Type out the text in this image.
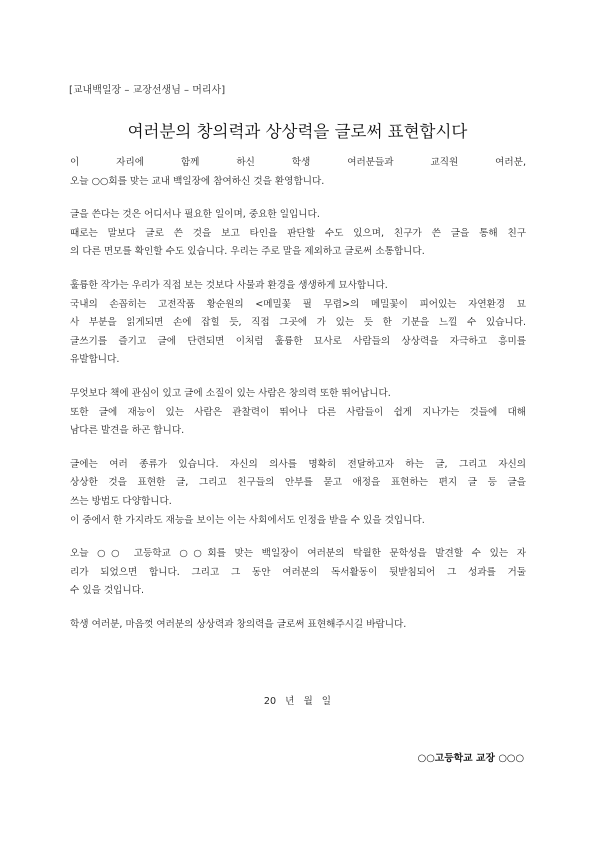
[교내백일장 – 교장선생님 – 머리사]
여러분의 창의력과 상상력을 글로써 표현합시다
이 자리에 함께 하신 학생 여러분들과 교직원 여러분,
오늘 ○○회를 맞는 교내 백일장에 참여하신 것을 환영합니다.
글을 쓴다는 것은 어디서나 필요한 일이며, 중요한 일입니다.
때로는 말보다 글로 쓴 것을 보고 타인을 판단할 수도 있으며, 친구가 쓴 글을 통해 친구
의 다른 면모를 확인할 수도 있습니다. 우리는 주로 말을 제외하고 글로써 소통합니다.
훌륭한 작가는 우리가 직접 보는 것보다 사물과 환경을 생생하게 묘사합니다.
국내의 손꼽히는 고전작품 황순원의 <메밀꽃 필 무렵>의 메밀꽃이 피어있는 자연환경 묘
사 부분을 읽게되면 손에 잡힐 듯, 직접 그곳에 가 있는 듯 한 기분을 느낄 수 있습니다.
글쓰기를 즐기고 글에 단련되면 이처럼 훌륭한 묘사로 사람들의 상상력을 자극하고 흥미를
유발합니다.
무엇보다 책에 관심이 있고 글에 소질이 있는 사람은 창의력 또한 뛰어납니다.
또한 글에 재능이 있는 사람은 관찰력이 뛰어나 다른 사람들이 쉽게 지나가는 것들에 대해
남다른 발견을 하곤 합니다.
글에는 여러 종류가 있습니다. 자신의 의사를 명확히 전달하고자 하는 글, 그리고 자신의
상상한 것을 표현한 글, 그리고 친구들의 안부를 묻고 애정을 표현하는 편지 글 등 글을
쓰는 방법도 다양합니다.
이 중에서 한 가지라도 재능을 보이는 이는 사회에서도 인정을 받을 수 있을 것입니다.
오늘 ○○ 고등학교 ○○회를 맞는 백일장이 여러분의 탁월한 문학성을 발견할 수 있는 자
리가 되었으면 합니다. 그리고 그 동안 여러분의 독서활동이 뒷받침되어 그 성과를 거둘
수 있을 것입니다.
학생 여러분, 마음껏 여러분의 상상력과 창의력을 글로써 표현해주시길 바랍니다.
20 년 월 일
○○고등학교 교장 ○○○
